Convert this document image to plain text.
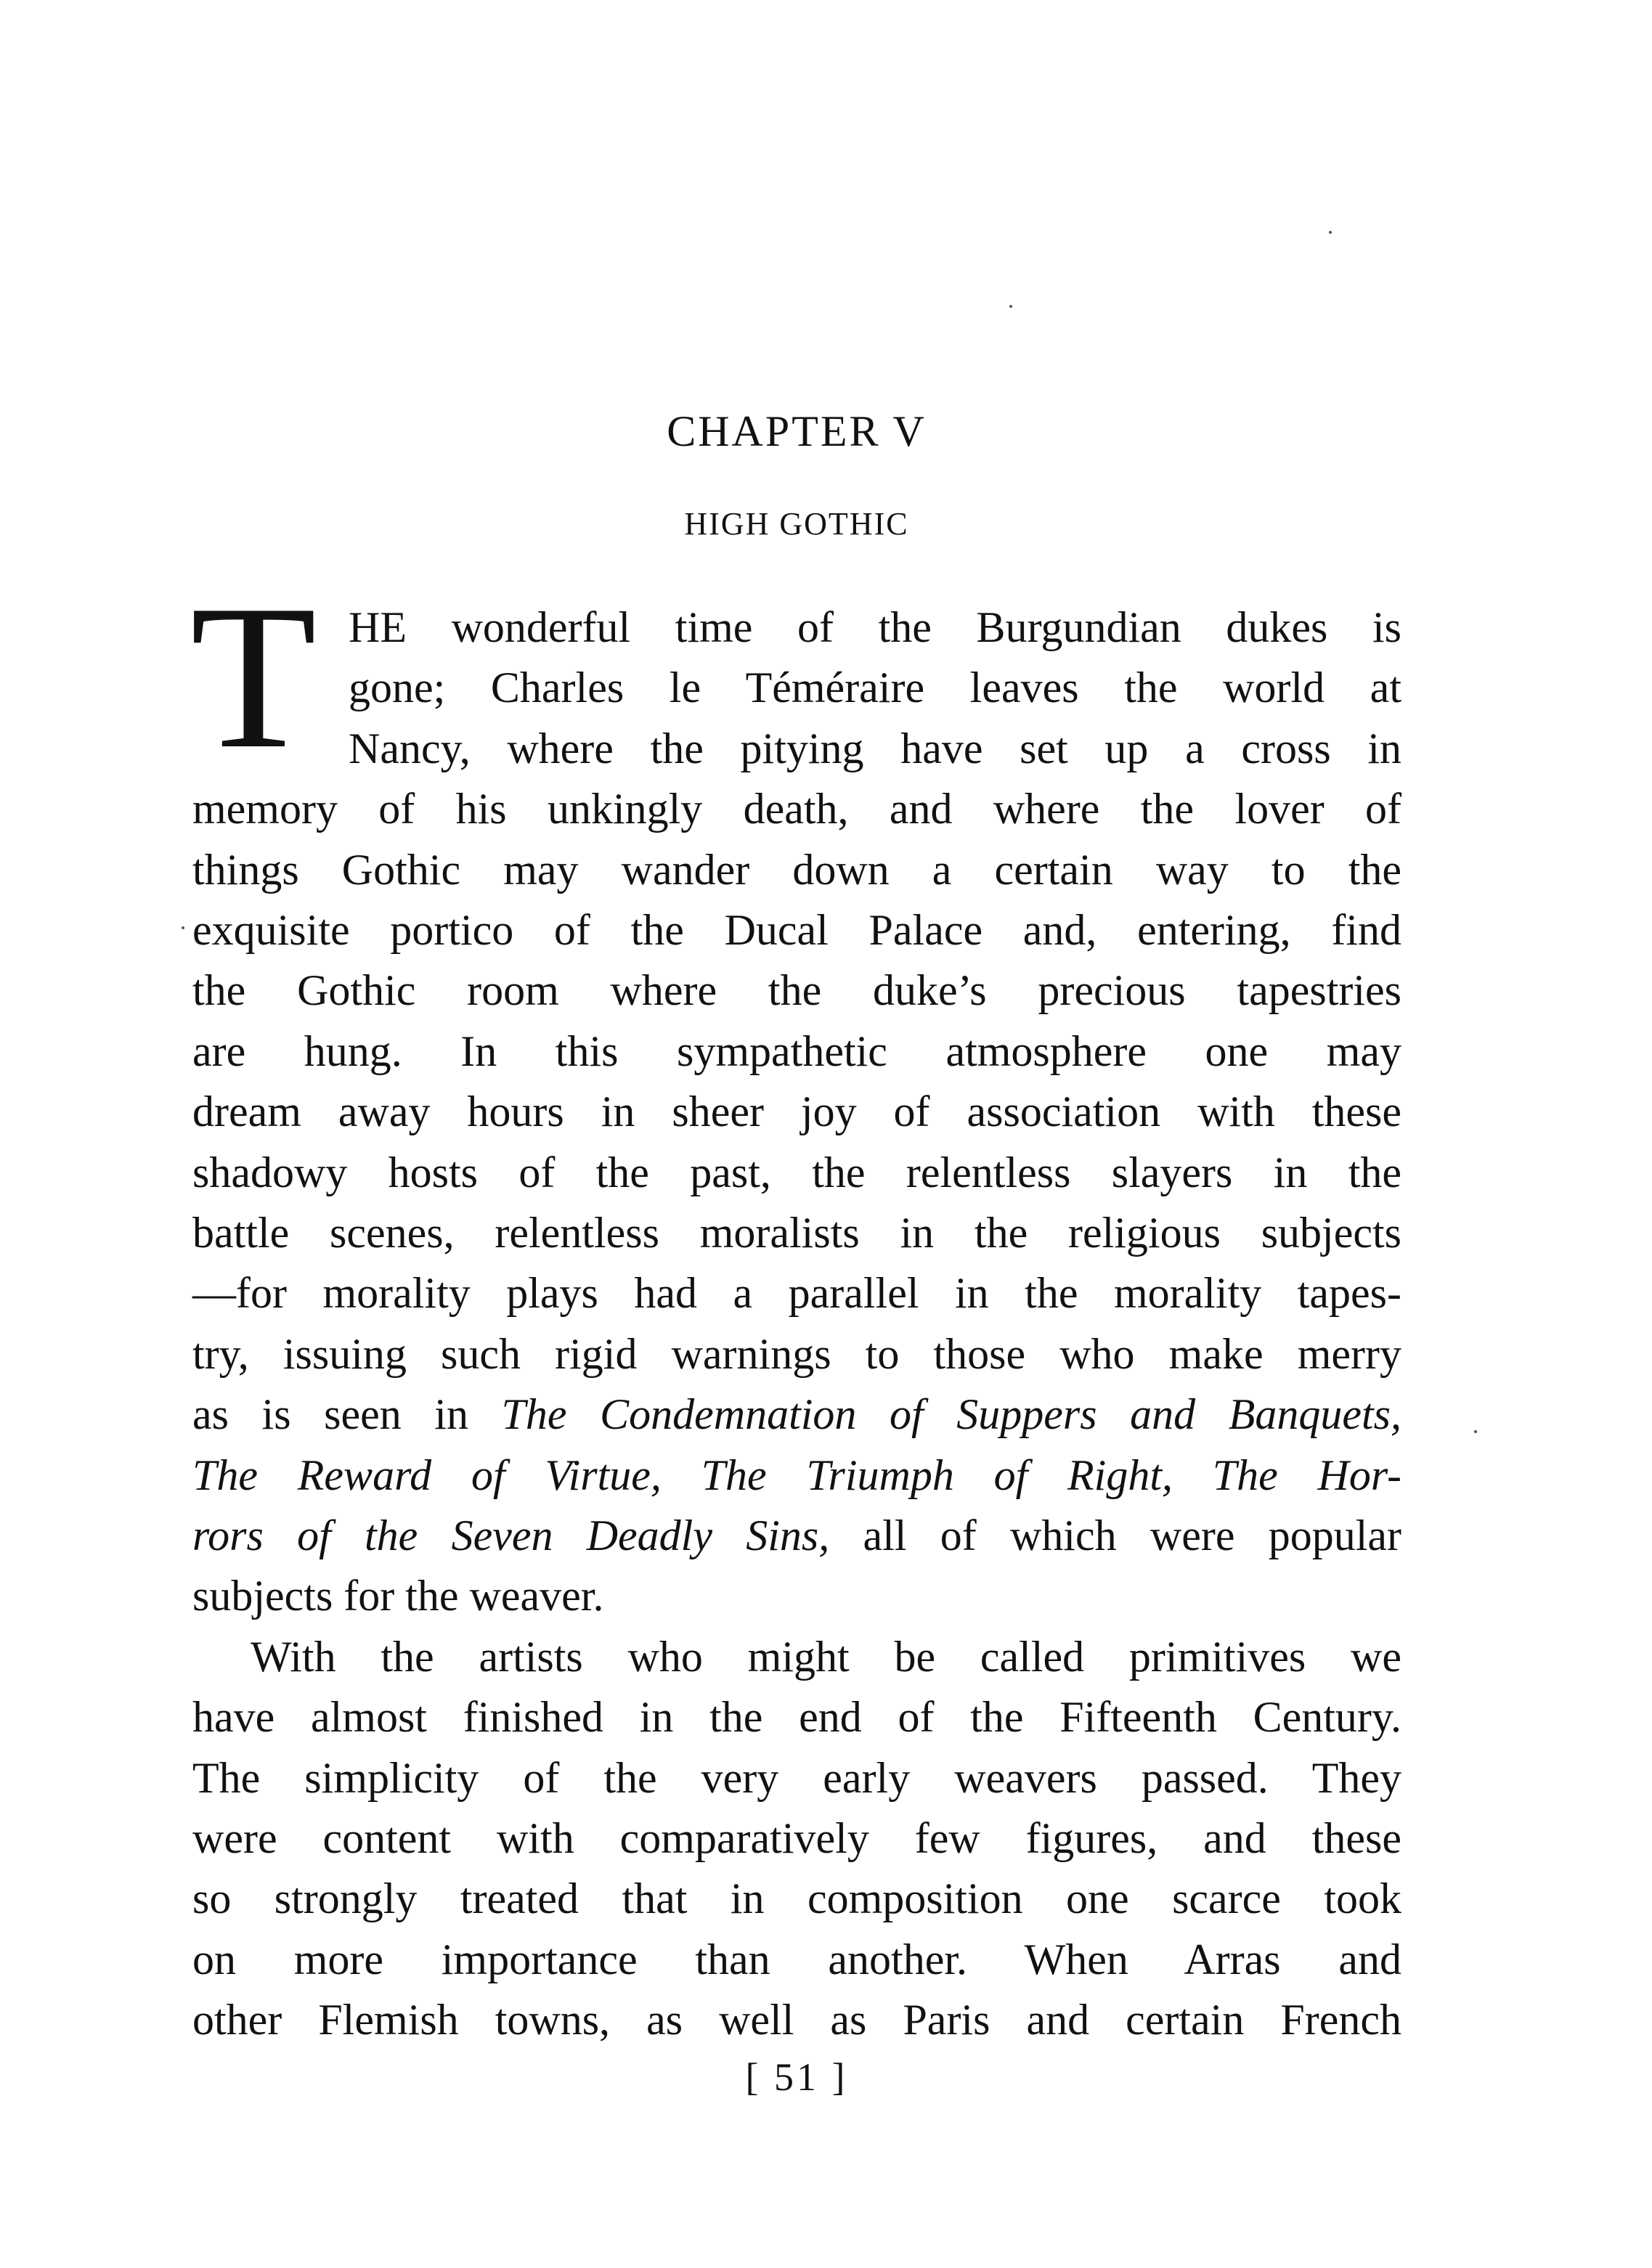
CHAPTER V
HIGH GOTHIC
T HE wonderful time of the Burgundian dukes is
gone; Charles le Téméraire leaves the world at
Nancy, where the pitying have set up a cross in
memory of his unkingly death, and where the lover of
things Gothic may wander down a certain way to the
exquisite portico of the Ducal Palace and, entering, find
the Gothic room where the duke’s precious tapestries
are hung. In this sympathetic atmosphere one may
dream away hours in sheer joy of association with these
shadowy hosts of the past, the relentless slayers in the
battle scenes, relentless moralists in the religious subjects
—for morality plays had a parallel in the morality tapes-
try, issuing such rigid warnings to those who make merry
as is seen in The Condemnation of Suppers and Banquets,
The Reward of Virtue, The Triumph of Right, The Hor-
rors of the Seven Deadly Sins, all of which were popular
subjects for the weaver.
With the artists who might be called primitives we
have almost finished in the end of the Fifteenth Century.
The simplicity of the very early weavers passed. They
were content with comparatively few figures, and these
so strongly treated that in composition one scarce took
on more importance than another. When Arras and
other Flemish towns, as well as Paris and certain French
[ 51 ]
